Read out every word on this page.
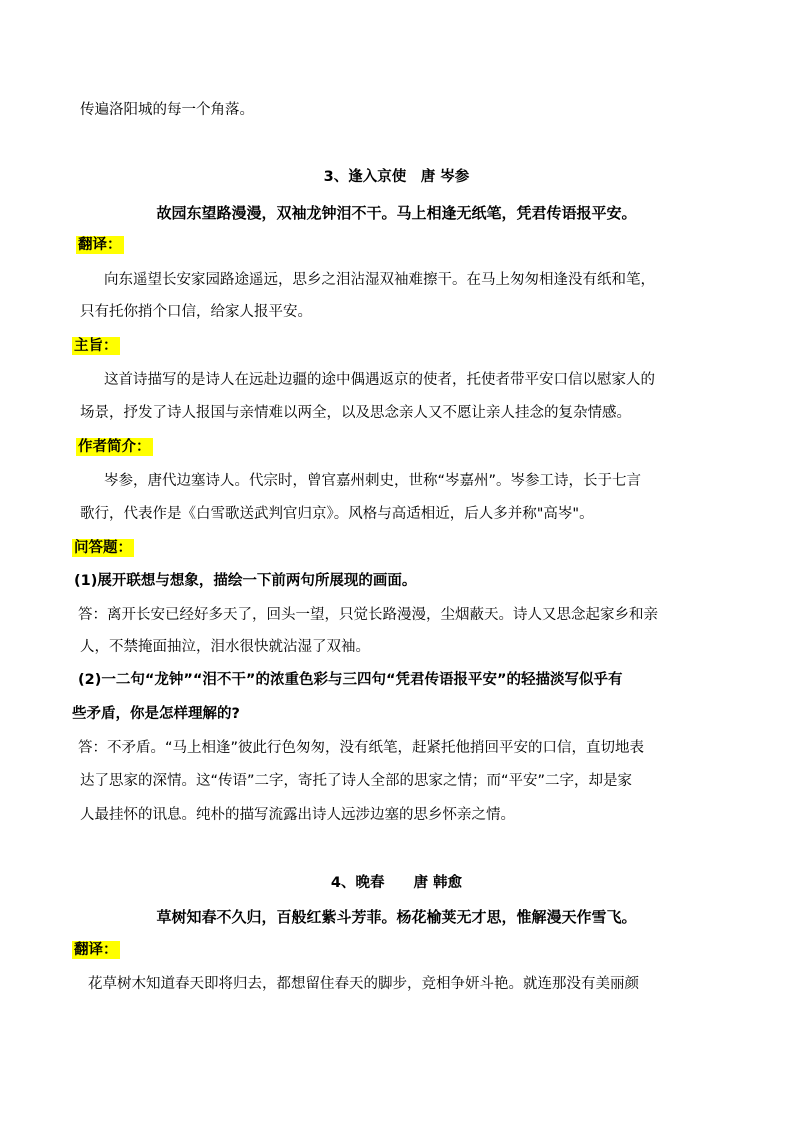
传遍洛阳城的每一个角落。
3、逢入京使　唐 岑参
故园东望路漫漫，双袖龙钟泪不干。马上相逢无纸笔，凭君传语报平安。
翻译：
向东遥望长安家园路途遥远，思乡之泪沾湿双袖难擦干。在马上匆匆相逢没有纸和笔，
只有托你捎个口信，给家人报平安。
主旨：
这首诗描写的是诗人在远赴边疆的途中偶遇返京的使者，托使者带平安口信以慰家人的
场景，抒发了诗人报国与亲情难以两全，以及思念亲人又不愿让亲人挂念的复杂情感。
作者简介：
岑参，唐代边塞诗人。代宗时，曾官嘉州刺史，世称“岑嘉州”。岑参工诗，长于七言
歌行，代表作是《白雪歌送武判官归京》。风格与高适相近，后人多并称"高岑"。
问答题：
(1)展开联想与想象，描绘一下前两句所展现的画面。
答：离开长安已经好多天了，回头一望，只觉长路漫漫，尘烟蔽天。诗人又思念起家乡和亲
人，不禁掩面抽泣，泪水很快就沾湿了双袖。
(2)一二句“龙钟”“泪不干”的浓重色彩与三四句“凭君传语报平安”的轻描淡写似乎有
些矛盾，你是怎样理解的?
答：不矛盾。“马上相逢”彼此行色匆匆，没有纸笔，赶紧托他捎回平安的口信，直切地表
达了思家的深情。这“传语”二字，寄托了诗人全部的思家之情；而“平安”二字，却是家
人最挂怀的讯息。纯朴的描写流露出诗人远涉边塞的思乡怀亲之情。
4、晚春　　唐 韩愈
草树知春不久归，百般红紫斗芳菲。杨花榆荚无才思，惟解漫天作雪飞。
翻译：
花草树木知道春天即将归去，都想留住春天的脚步，竞相争妍斗艳。就连那没有美丽颜
